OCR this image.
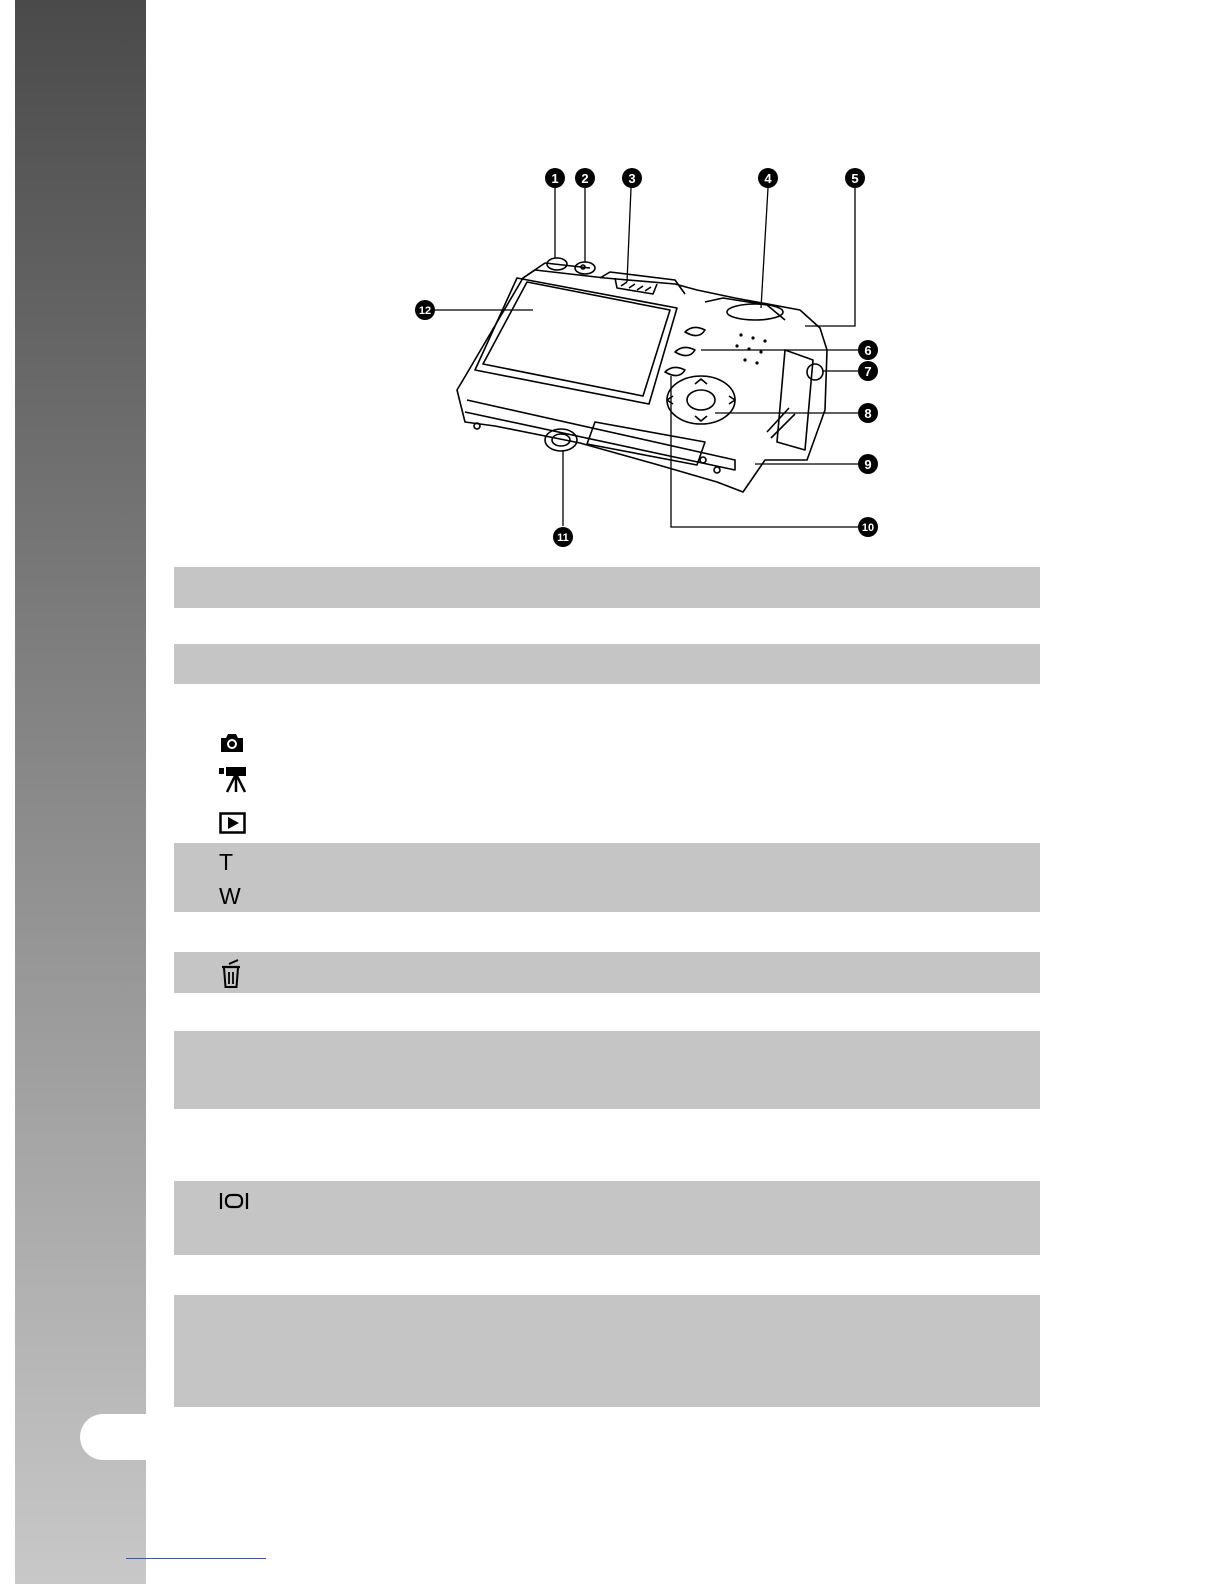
1 2	3	4	5
6
7
8
9
10
11
12
T
W
